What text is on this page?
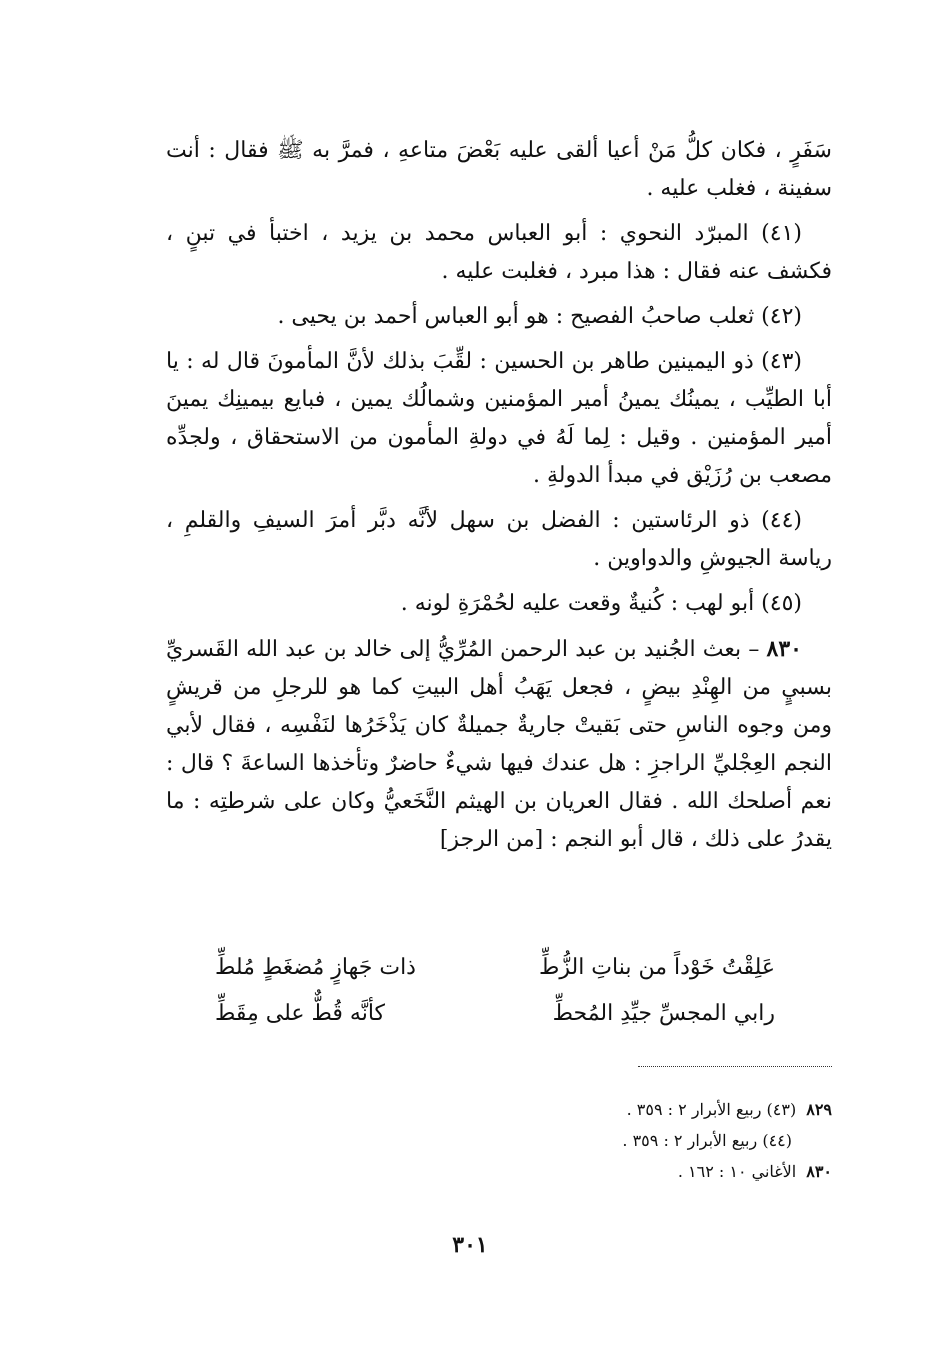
سَفَرٍ ، فكان كلُّ مَنْ أعيا ألقى عليه بَعْضَ متاعهِ ، فمرَّ به ﷺ فقال : أنت سفينة ، فغلب عليه .

(٤١) المبرّد النحوي : أبو العباس محمد بن يزيد ، اختبأ في تبنٍ ، فكشف عنه فقال : هذا مبرد ، فغلبت عليه .

(٤٢) ثعلب صاحبُ الفصيح : هو أبو العباس أحمد بن يحيى .

(٤٣) ذو اليمينين طاهر بن الحسين : لقِّبَ بذلك لأنَّ المأمونَ قال له : يا أبا الطيِّب ، يمينُك يمينُ أمير المؤمنين وشمالُك يمين ، فبايع بيمينِك يمينَ أمير المؤمنين . وقيل : لِما لَهُ في دولةِ المأمون من الاستحقاق ، ولجدِّه مصعب بن رُزَيْق في مبدأ الدولةِ .

(٤٤) ذو الرئاستين : الفضل بن سهل لأنَّه دبَّر أمرَ السيفِ والقلمِ ، رياسة الجيوشِ والدواوين .

(٤٥) أبو لهب : كُنيةٌ وقعت عليه لحُمْرَةِ لونه .

٨٣٠ – بعث الجُنيد بن عبد الرحمن المُرِّيُّ إلى خالد بن عبد الله القَسريِّ بسبيٍ من الهِنْدِ بيضٍ ، فجعل يَهَبُ أهل البيتِ كما هو للرجلِ من قريشٍ ومن وجوه الناسِ حتى بَقيتْ جاريةٌ جميلةٌ كان يَذْخَرُها لنَفْسِه ، فقال لأبي النجم العِجْليِّ الراجزِ : هل عندك فيها شيءٌ حاضرٌ وتأخذها الساعةَ ؟ قال : نعم أصلحك الله . فقال العريان بن الهيثم النَّخَعيُّ وكان على شرطتِه : ما يقدرُ على ذلك ، قال أبو النجم : [من الرجز]

عَلِقْتُ خَوْداً من بناتِ الزُّطِّ
ذات جَهازٍ مُضغَطٍ مُلطِّ
رابي المجسِّ جيِّدِ المُحطِّ
كأنَّه قُطٌّ على مِقَطِّ
٨٢٩(٤٣) ربيع الأبرار ٢ : ٣٥٩ .
(٤٤) ربيع الأبرار ٢ : ٣٥٩ .
٨٣٠الأغاني ١٠ : ١٦٢ .
٣٠١
